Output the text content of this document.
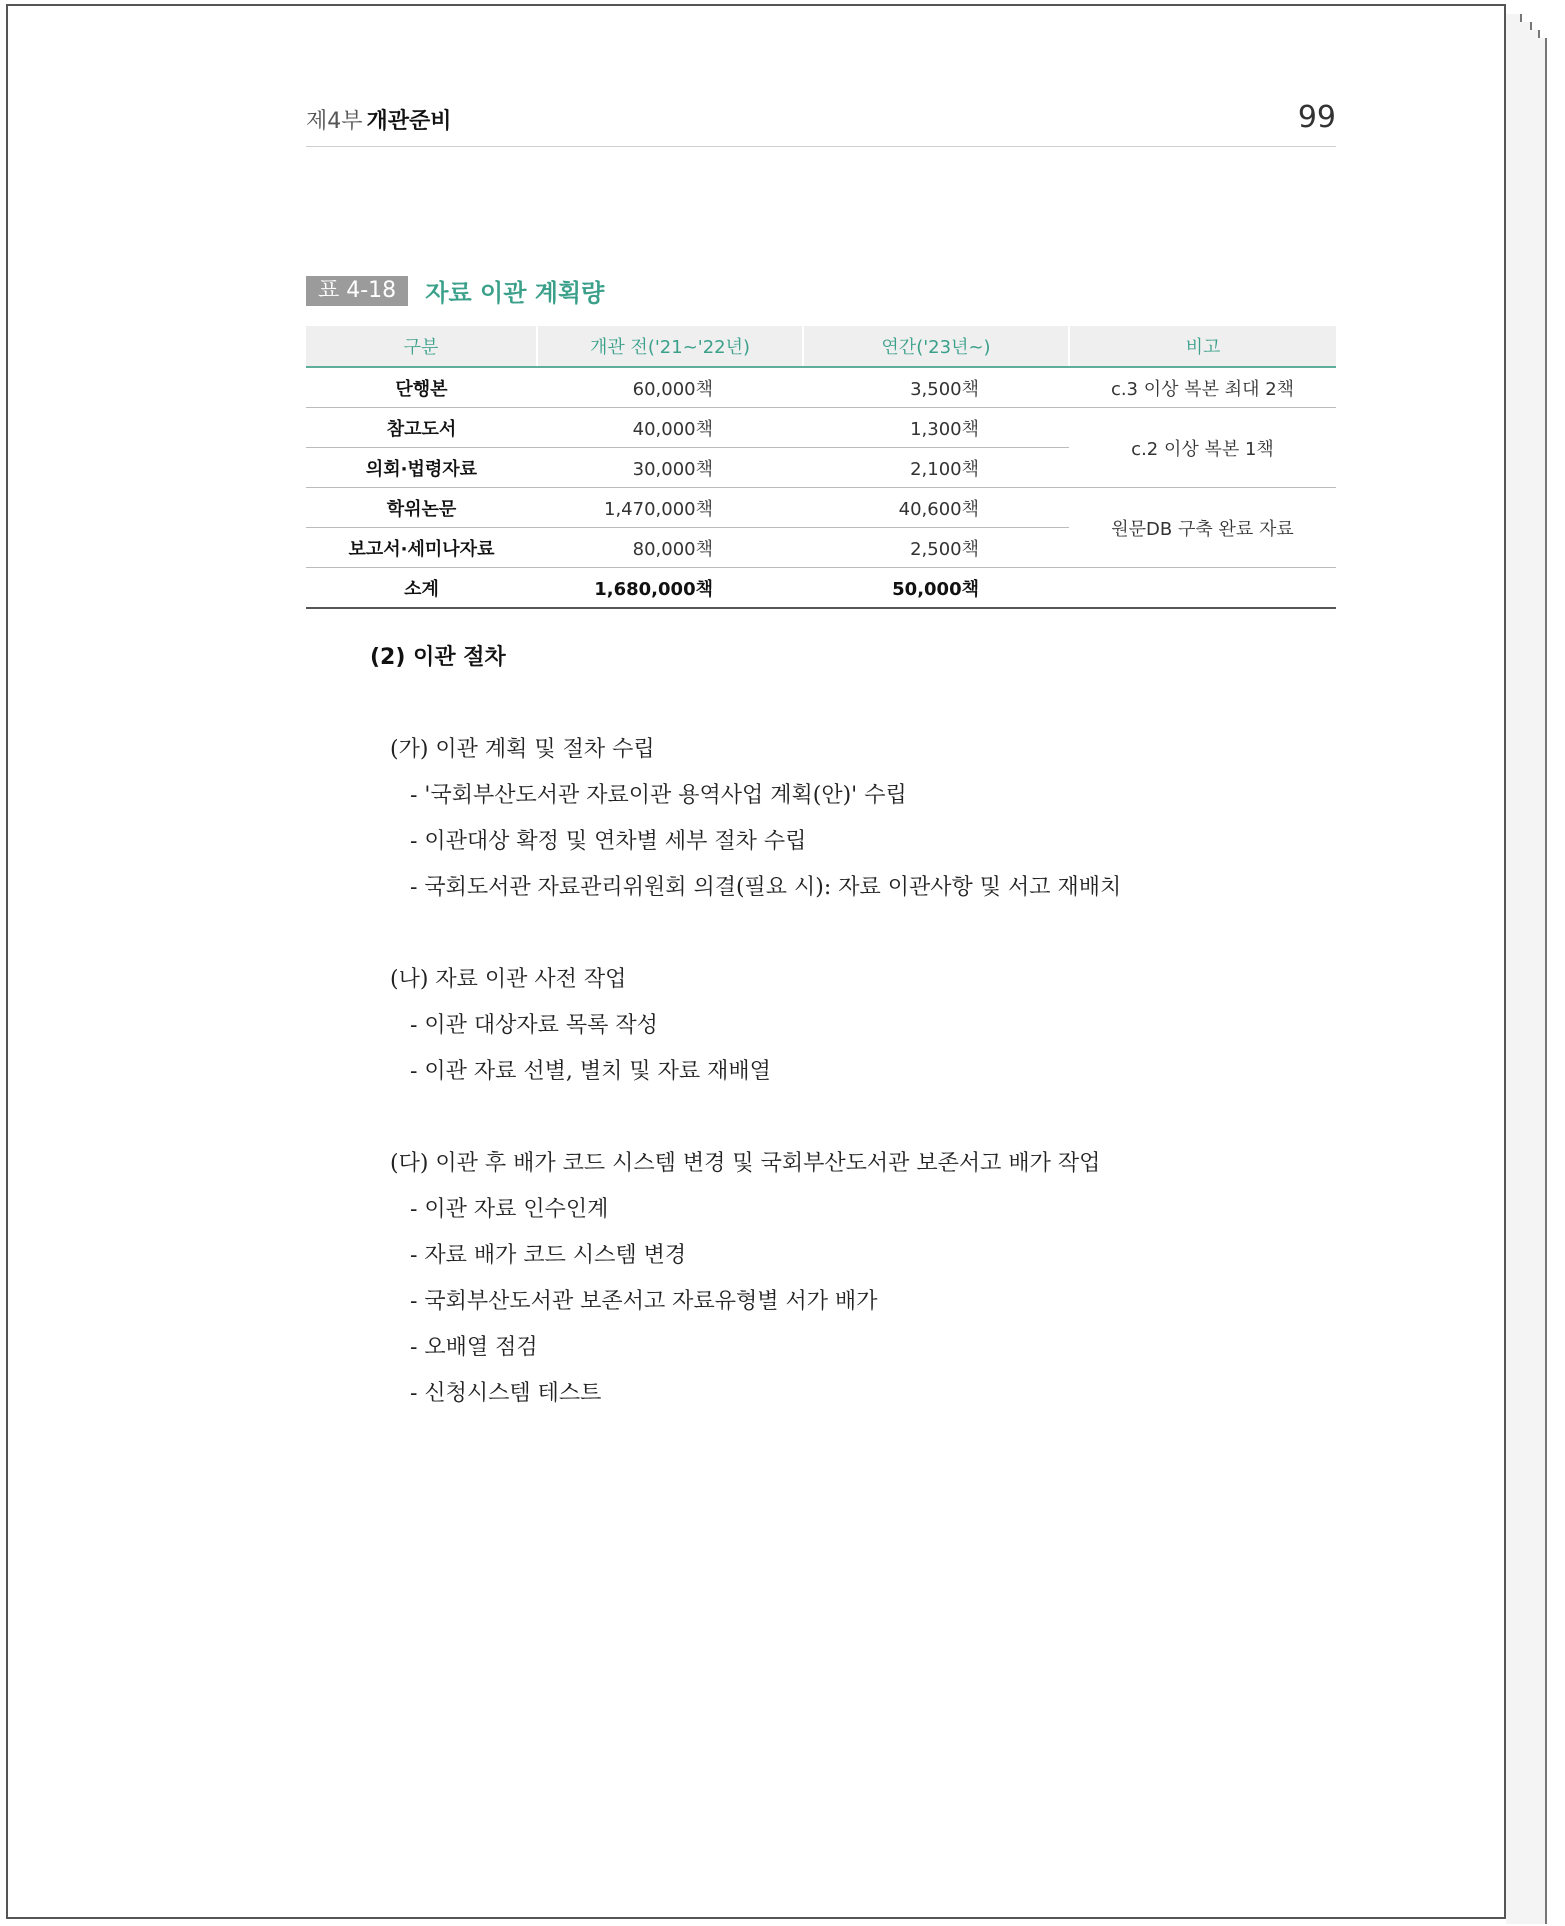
제4부 개관준비	99
표 4-18 자료 이관 계획량
구분	개관 전('21~'22년)	연간('23년~)	비고
단행본	60,000책	3,500책	c.3 이상 복본 최대 2책
참고도서	40,000책	1,300책	c.2 이상 복본 1책
의회·법령자료	30,000책	2,100책	
학위논문	1,470,000책	40,600책	원문DB 구축 완료 자료
보고서·세미나자료	80,000책	2,500책	
소계	1,680,000책	50,000책	
(2) 이관 절차
(가) 이관 계획 및 절차 수립
- '국회부산도서관 자료이관 용역사업 계획(안)' 수립
- 이관대상 확정 및 연차별 세부 절차 수립
- 국회도서관 자료관리위원회 의결(필요 시): 자료 이관사항 및 서고 재배치
(나) 자료 이관 사전 작업
- 이관 대상자료 목록 작성
- 이관 자료 선별, 별치 및 자료 재배열
(다) 이관 후 배가 코드 시스템 변경 및 국회부산도서관 보존서고 배가 작업
- 이관 자료 인수인계
- 자료 배가 코드 시스템 변경
- 국회부산도서관 보존서고 자료유형별 서가 배가
- 오배열 점검
- 신청시스템 테스트
